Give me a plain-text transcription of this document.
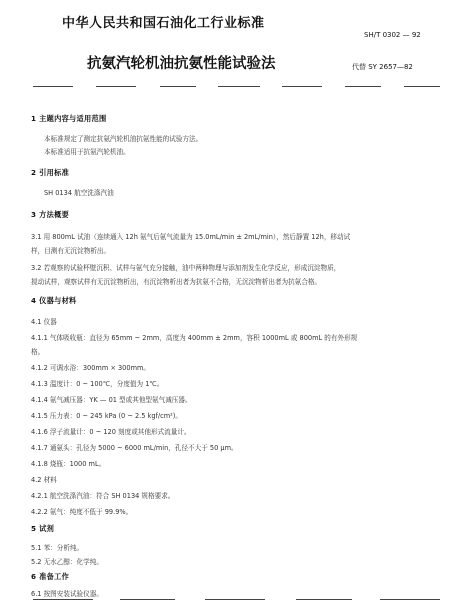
中华人民共和国石油化工行业标准
SH/T 0302 — 92
抗氨汽轮机油抗氨性能试验法	代替 SY 2657—82
1 主题内容与适用范围
本标准规定了测定抗氨汽轮机油抗氨性能的试验方法。
本标准适用于抗氨汽轮机油。
2 引用标准
SH 0134 航空洗涤汽油
3 方法概要
3.1 用 800mL 试油（连续通入 12h 氨气后氨气流量为 15.0mL/min ± 2mL/min），然后静置 12h，移动试
样，目测有无沉淀物析出。
3.2 若观察的试验杯壁沉积、试样与氨气充分接触，油中两种物理与添加剂发生化学反应，形成沉淀物质，
搅动试样，观察试样有无沉淀物析出，有沉淀物析出者为抗氨不合格，无沉淀物析出者为抗氨合格。
4 仪器与材料
4.1 仪器
4.1.1 气体吸收瓶：直径为 65mm ~ 2mm，高度为 400mm ± 2mm，容积 1000mL 或 800mL 的有外形规
格。
4.1.2 可调水浴：300mm × 300mm。
4.1.3 温度计：0 ~ 100℃，分度值为 1℃。
4.1.4 氨气减压器：YK — 01 型或其他型氨气减压器。
4.1.5 压力表：0 ~ 245 kPa (0 ~ 2.5 kgf/cm²)。
4.1.6 浮子流量计：0 ~ 120 刻度或其他形式流量计。
4.1.7 通氨头：孔径为 5000 ~ 6000 mL/min，孔径不大于 50 μm。
4.1.8 烧瓶：1000 mL。
4.2 材料
4.2.1 航空洗涤汽油：符合 SH 0134 规格要求。
4.2.2 氨气：纯度不低于 99.9%。
5 试剂
5.1 苯：分析纯。
5.2 无水乙醇：化学纯。
6 准备工作
6.1 按图安装试验仪器。
